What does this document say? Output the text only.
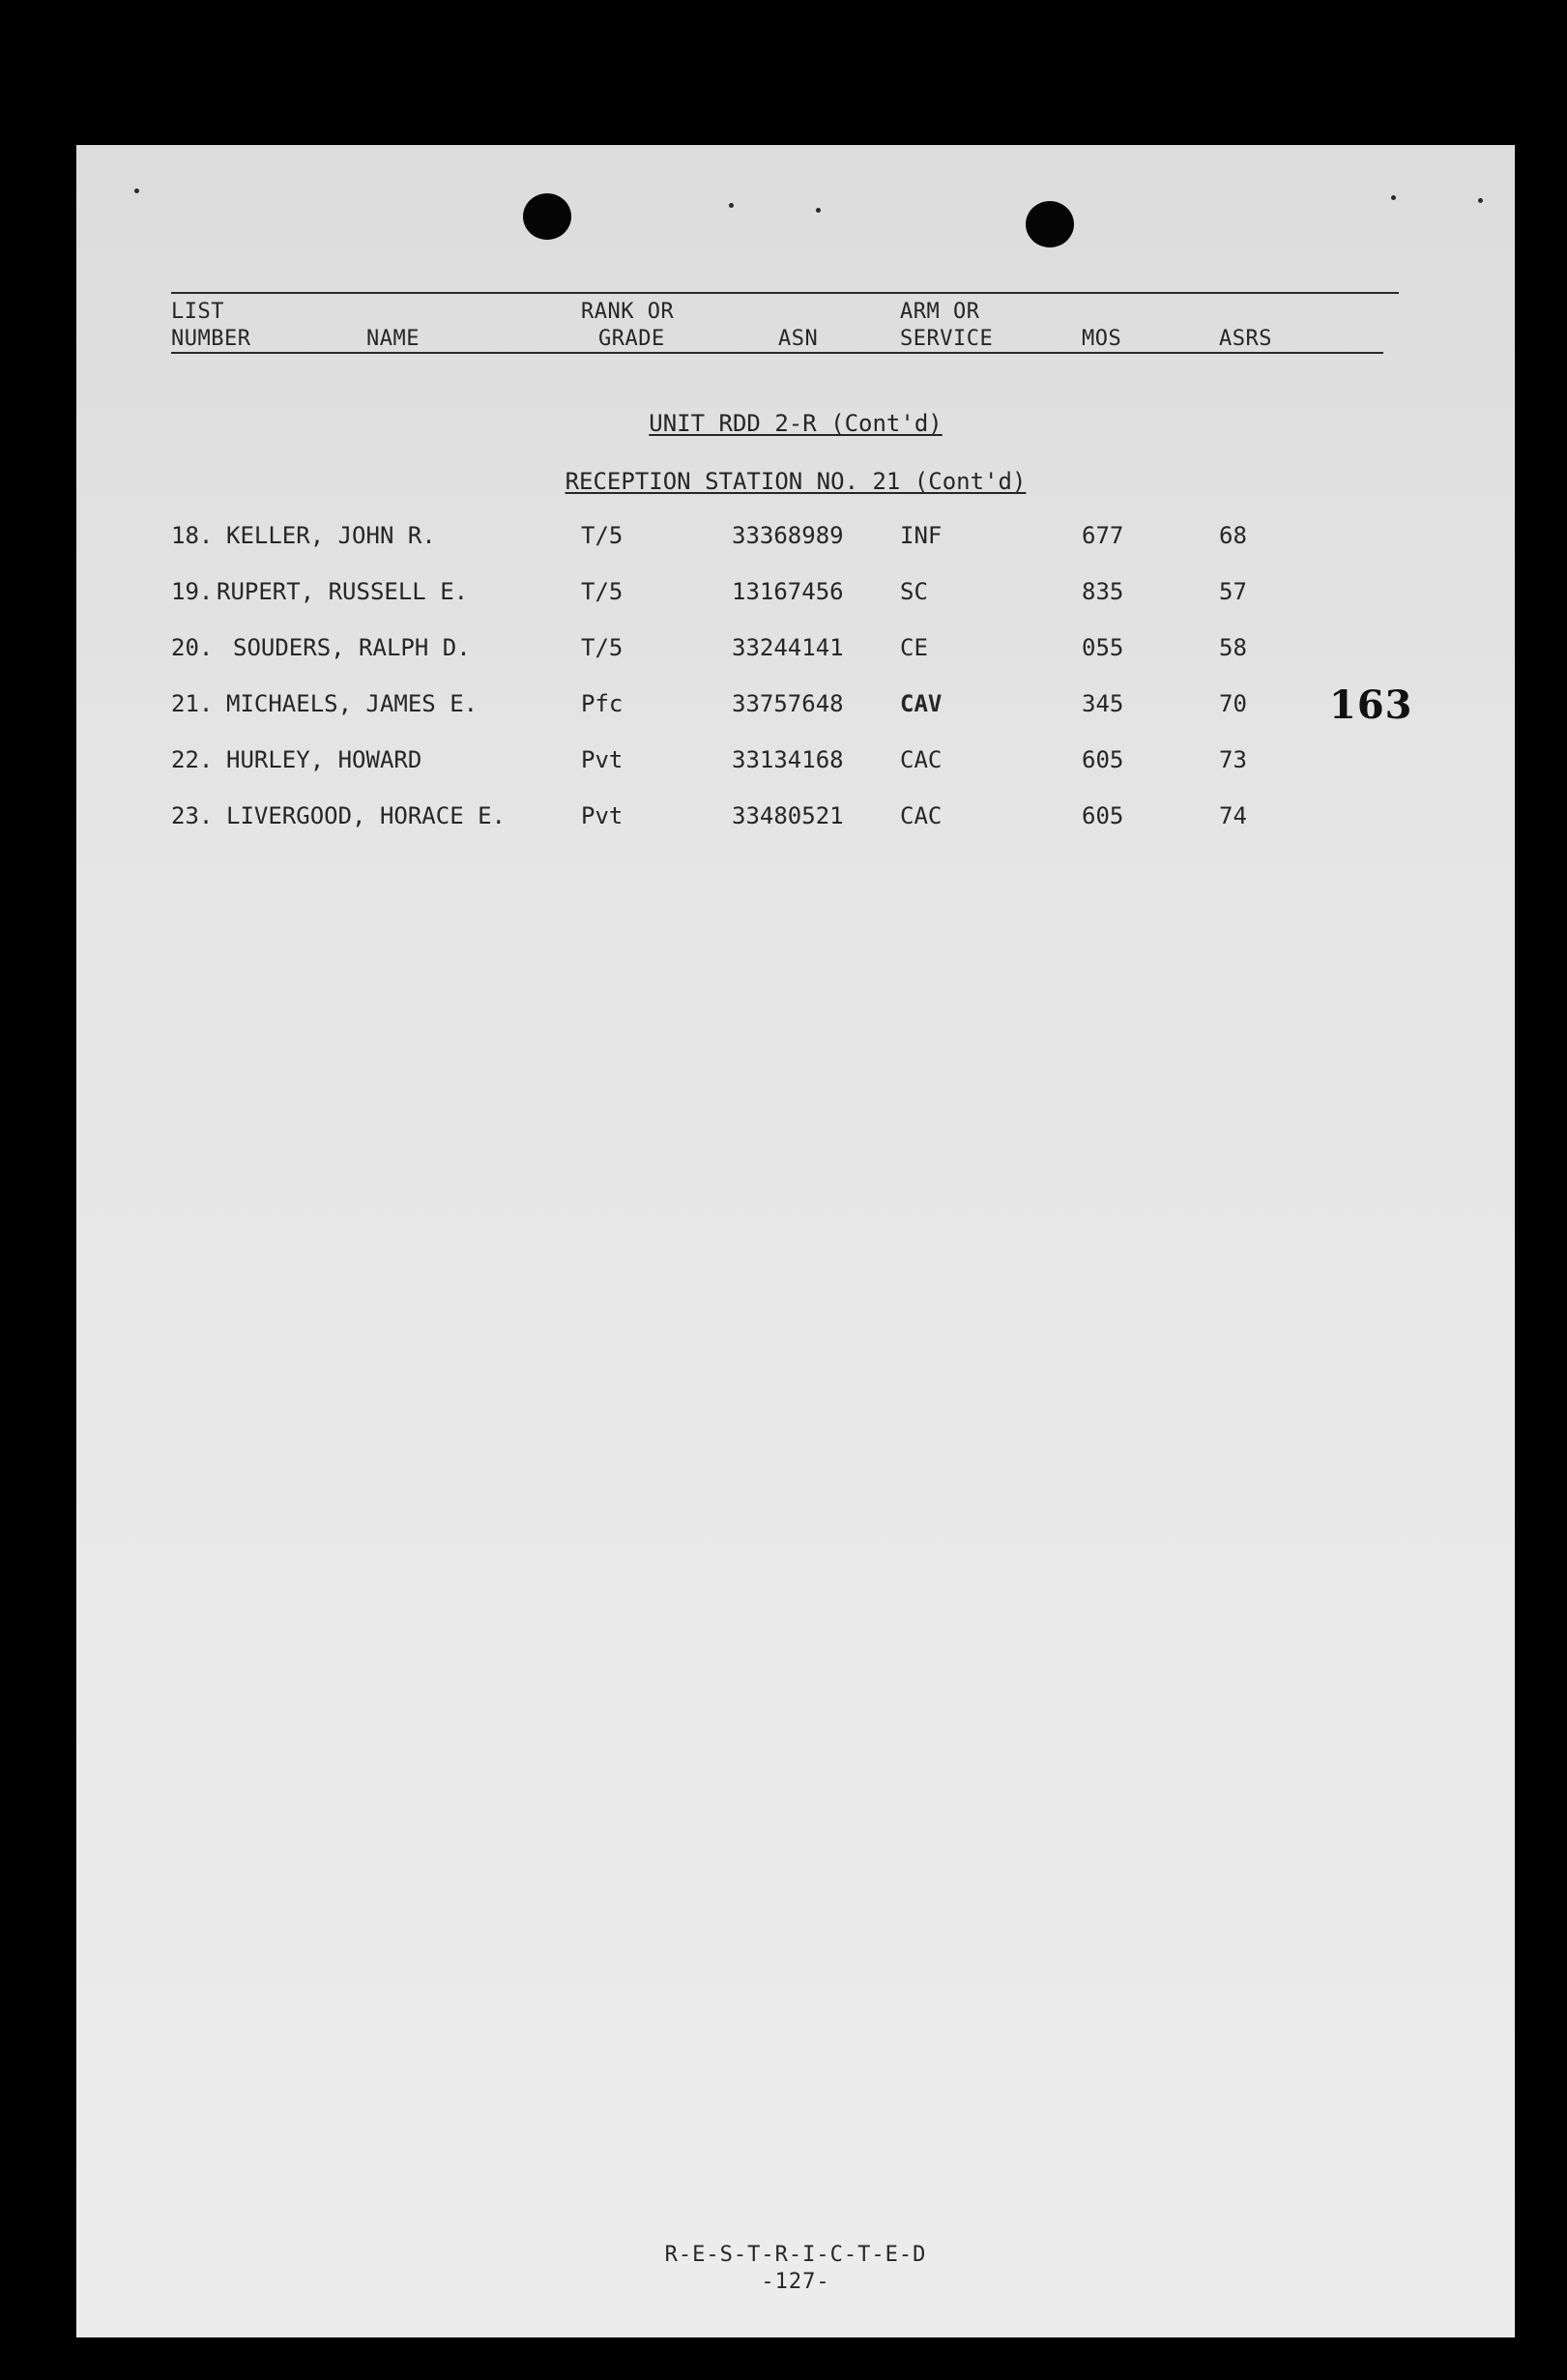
LIST
NUMBER	NAME
RANK OR
GRADE	ASN
ARM OR
SERVICE	MOS	ASRS
UNIT RDD 2-R (Cont'd)
RECEPTION STATION NO. 21 (Cont'd)
18. KELLER, JOHN R.	T/5	33368989 INF	677	68
19. RUPERT, RUSSELL E.	T/5	13167456 SC	835	57
20. SOUDERS, RALPH D.	T/5	33244141 CE	055	58
21. MICHAELS, JAMES E.	Pfc	33757648 CAV	345	70
22. HURLEY, HOWARD	Pvt	33134168 CAC	605	73
23. LIVERGOOD, HORACE E.	Pvt	33480521 CAC	605	74
163
R-E-S-T-R-I-C-T-E-D
-127-
